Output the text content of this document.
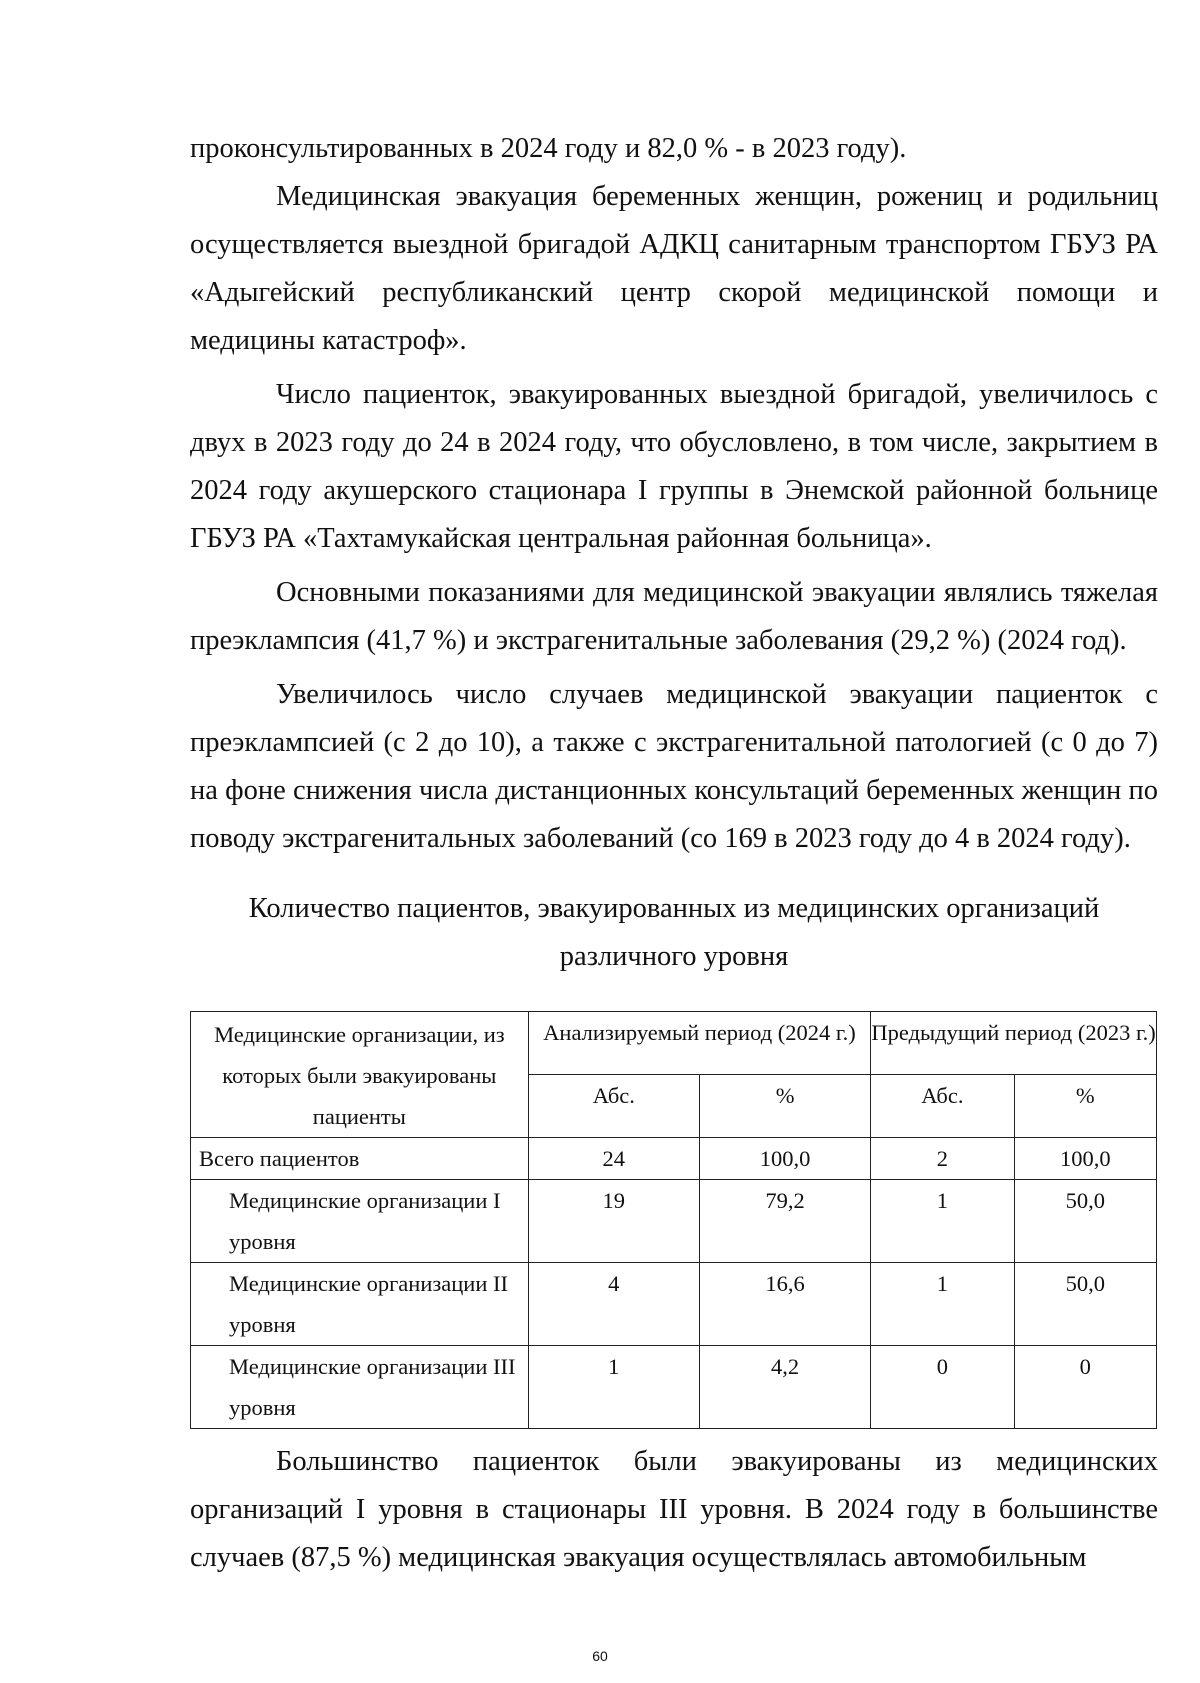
проконсультированных в 2024 году и 82,0 % - в 2023 году).

Медицинская эвакуация беременных женщин, рожениц и родильниц осуществляется выездной бригадой АДКЦ санитарным транспортом ГБУЗ РА «Адыгейский республиканский центр скорой медицинской помощи и медицины катастроф».

Число пациенток, эвакуированных выездной бригадой, увеличилось с двух в 2023 году до 24 в 2024 году, что обусловлено, в том числе, закрытием в 2024 году акушерского стационара I группы в Энемской районной больнице ГБУЗ РА «Тахтамукайская центральная районная больница».

Основными показаниями для медицинской эвакуации являлись тяжелая преэклампсия (41,7 %) и экстрагенитальные заболевания (29,2 %) (2024 год).

Увеличилось число случаев медицинской эвакуации пациенток с преэклампсией (с 2 до 10), а также с экстрагенитальной патологией (с 0 до 7) на фоне снижения числа дистанционных консультаций беременных женщин по поводу экстрагенитальных заболеваний (со 169 в 2023 году до 4 в 2024 году).

Количество пациентов, эвакуированных из медицинских организаций различного уровня

Медицинские организации, из которых были эвакуированы пациенты	Анализируемый период (2024 г.)		Предыдущий период (2023 г.)	
	Абс.	%	Абс.	%
Всего пациентов	24	100,0	2	100,0
Медицинские организации I уровня	19	79,2	1	50,0
Медицинские организации II уровня	4	16,6	1	50,0
Медицинские организации III уровня	1	4,2	0	0

Большинство пациенток были эвакуированы из медицинских организаций I уровня в стационары III уровня. В 2024 году в большинстве случаев (87,5 %) медицинская эвакуация осуществлялась автомобильным

60
